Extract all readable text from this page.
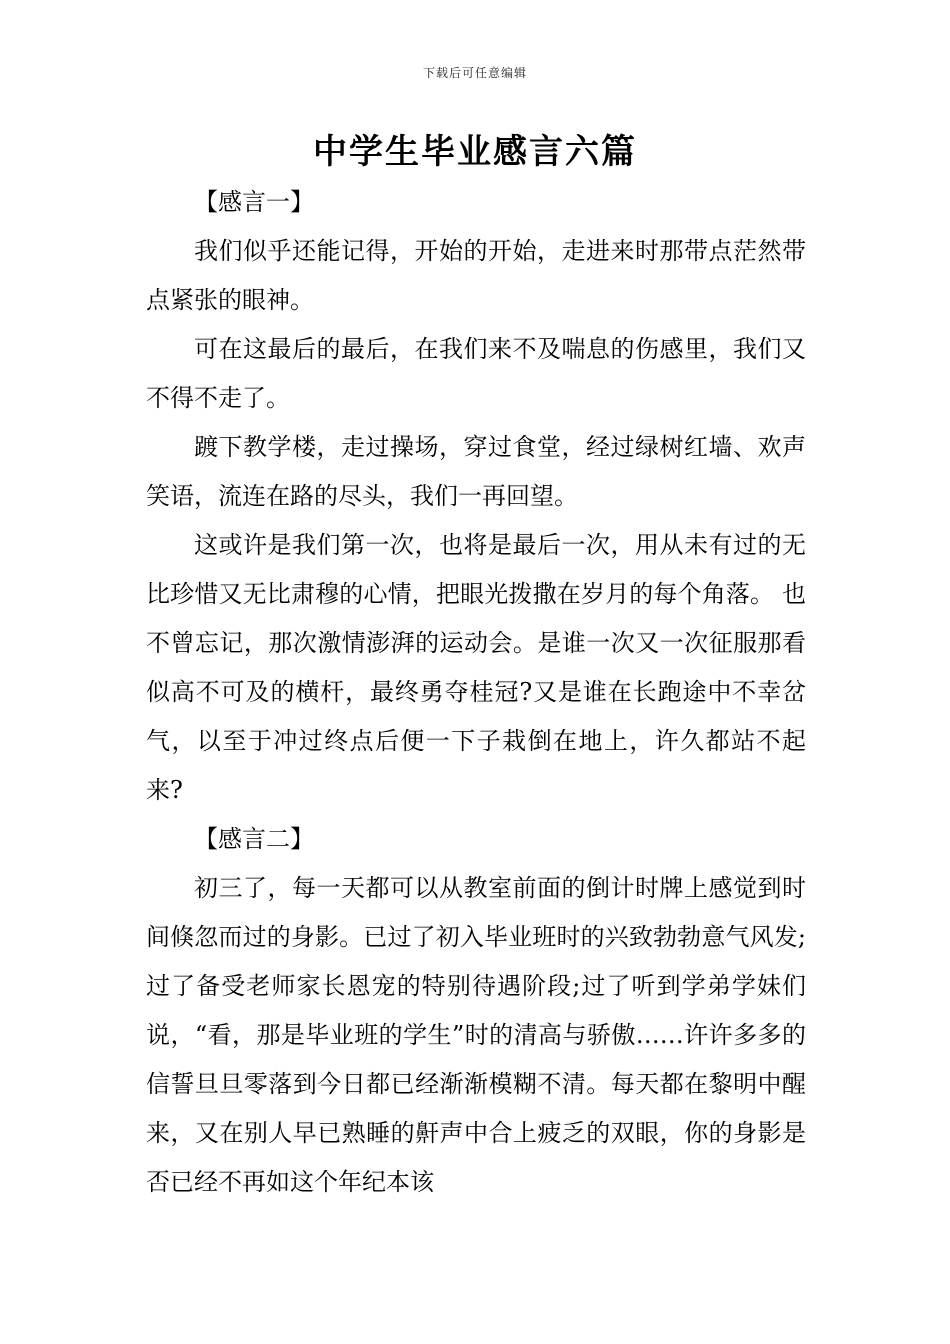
下载后可任意编辑
中学生毕业感言六篇

【感言一】

我们似乎还能记得，开始的开始，走进来时那带点茫然带点紧张的眼神。

可在这最后的最后，在我们来不及喘息的伤感里，我们又不得不走了。

踱下教学楼，走过操场，穿过食堂，经过绿树红墙、欢声笑语，流连在路的尽头，我们一再回望。

这或许是我们第一次，也将是最后一次，用从未有过的无比珍惜又无比肃穆的心情，把眼光拨撒在岁月的每个角落。 也不曾忘记，那次激情澎湃的运动会。是谁一次又一次征服那看似高不可及的横杆，最终勇夺桂冠?又是谁在长跑途中不幸岔气，以至于冲过终点后便一下子栽倒在地上，许久都站不起来?

【感言二】

初三了，每一天都可以从教室前面的倒计时牌上感觉到时间倏忽而过的身影。已过了初入毕业班时的兴致勃勃意气风发;过了备受老师家长恩宠的特别待遇阶段;过了听到学弟学妹们说，“看，那是毕业班的学生”时的清高与骄傲……许许多多的信誓旦旦零落到今日都已经渐渐模糊不清。每天都在黎明中醒来，又在别人早已熟睡的鼾声中合上疲乏的双眼，你的身影是否已经不再如这个年纪本该
